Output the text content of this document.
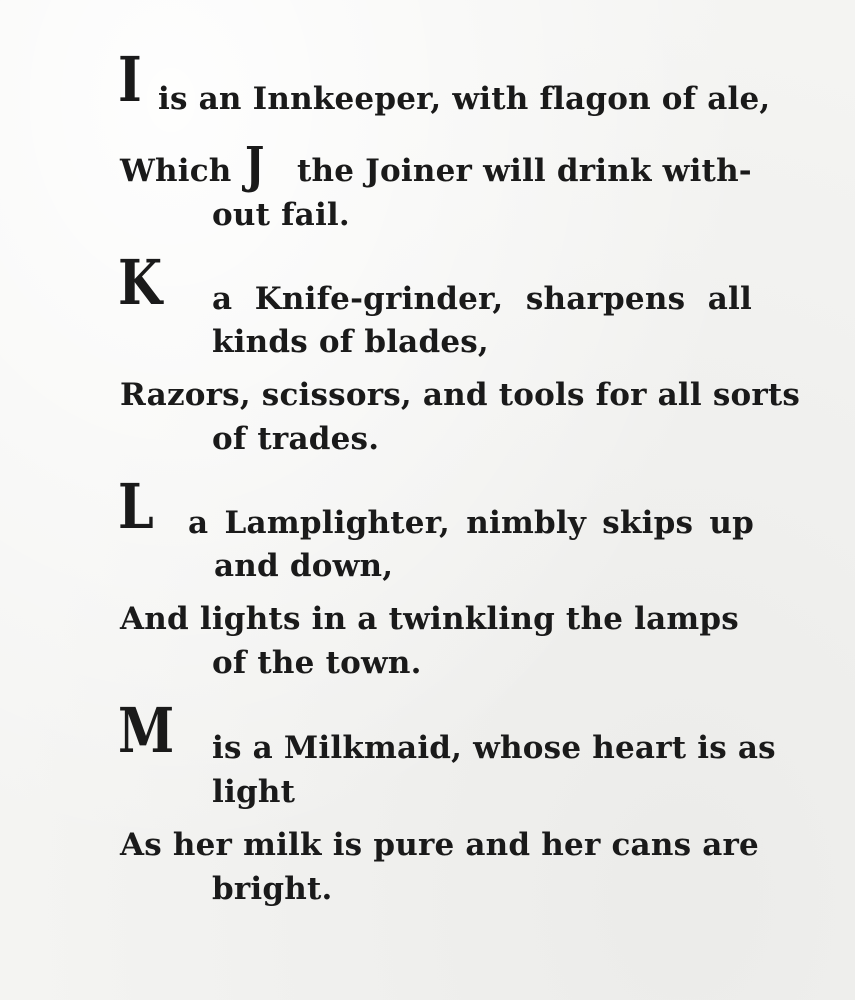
I is an Innkeeper, with flagon of ale,
Which J the Joiner will drink with-
out fail.
K a Knife-grinder, sharpens all
kinds of blades,
Razors, scissors, and tools for all sorts
of trades.
L a Lamplighter, nimbly skips up
and down,
And lights in a twinkling the lamps
of the town.
M is a Milkmaid, whose heart is as
light
As her milk is pure and her cans are
bright.
